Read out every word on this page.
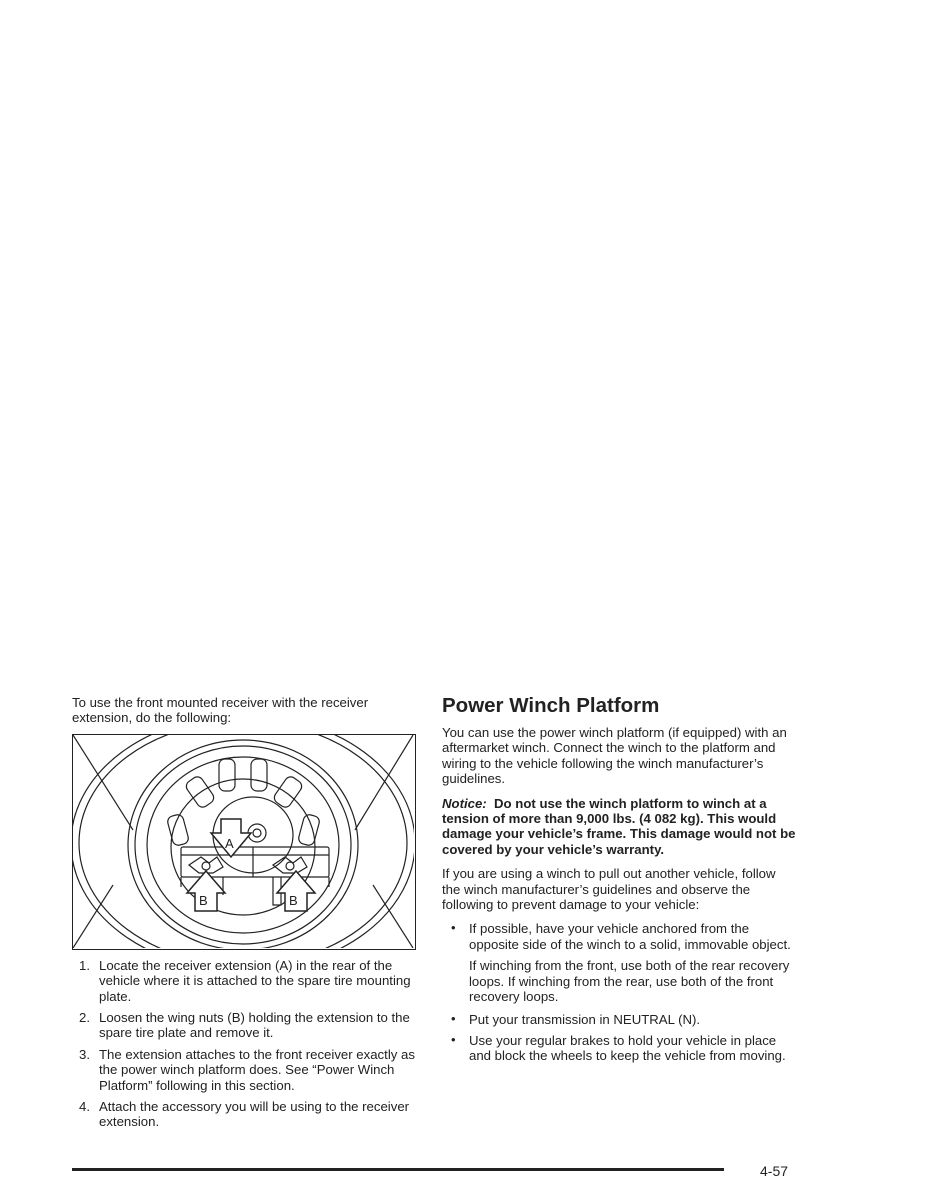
To use the front mounted receiver with the receiver extension, do the following:

A
B	B
1. Locate the receiver extension (A) in the rear of the vehicle where it is attached to the spare tire mounting plate.
2. Loosen the wing nuts (B) holding the extension to the spare tire plate and remove it.
3. The extension attaches to the front receiver exactly as the power winch platform does. See “Power Winch Platform” following in this section.
4. Attach the accessory you will be using to the receiver extension.
Power Winch Platform

You can use the power winch platform (if equipped) with an aftermarket winch. Connect the winch to the platform and wiring to the vehicle following the winch manufacturer’s guidelines.

Notice: Do not use the winch platform to winch at a tension of more than 9,000 lbs. (4 082 kg). This would damage your vehicle’s frame. This damage would not be covered by your vehicle’s warranty.

If you are using a winch to pull out another vehicle, follow the winch manufacturer’s guidelines and observe the following to prevent damage to your vehicle:

• If possible, have your vehicle anchored from the opposite side of the winch to a solid, immovable object.

If winching from the front, use both of the rear recovery loops. If winching from the rear, use both of the front recovery loops.

• Put your transmission in NEUTRAL (N).
• Use your regular brakes to hold your vehicle in place and block the wheels to keep the vehicle from moving.
4-57
